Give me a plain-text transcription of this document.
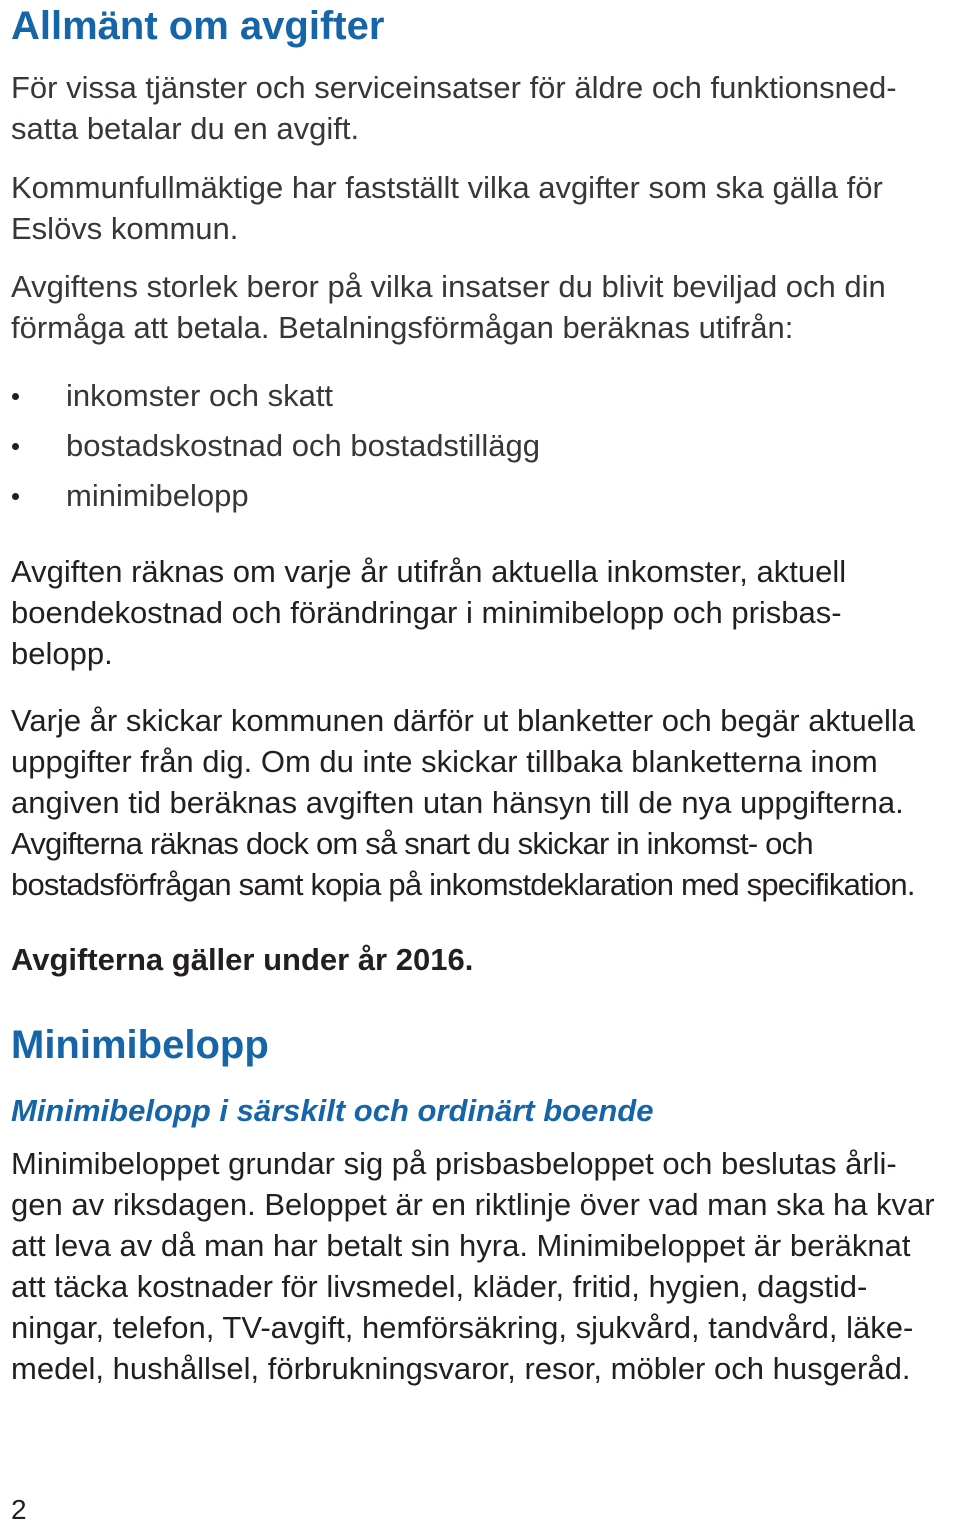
Allmänt om avgifter

För vissa tjänster och serviceinsatser för äldre och funktionsned-

satta betalar du en avgift.

Kommunfullmäktige har fastställt vilka avgifter som ska gälla för

Eslövs kommun.

Avgiftens storlek beror på vilka insatser du blivit beviljad och din

förmåga att betala. Betalningsförmågan beräknas utifrån:

inkomster och skatt
bostadskostnad och bostadstillägg
minimibelopp

Avgiften räknas om varje år utifrån aktuella inkomster, aktuell

boendekostnad och förändringar i minimibelopp och prisbas-

belopp.

Varje år skickar kommunen därför ut blanketter och begär aktuella

uppgifter från dig. Om du inte skickar tillbaka blanketterna inom

angiven tid beräknas avgiften utan hänsyn till de nya uppgifterna.

Avgifterna räknas dock om så snart du skickar in inkomst- och

bostadsförfrågan samt kopia på inkomstdeklaration med specifikation.

Avgifterna gäller under år 2016.

Minimibelopp
Minimibelopp i särskilt och ordinärt boende

Minimibeloppet grundar sig på prisbasbeloppet och beslutas årli-

gen av riksdagen. Beloppet är en riktlinje över vad man ska ha kvar

att leva av då man har betalt sin hyra. Minimibeloppet är beräknat

att täcka kostnader för livsmedel, kläder, fritid, hygien, dagstid-

ningar, telefon, TV-avgift, hemförsäkring, sjukvård, tandvård, läke-

medel, hushållsel, förbrukningsvaror, resor, möbler och husgeråd.

2
